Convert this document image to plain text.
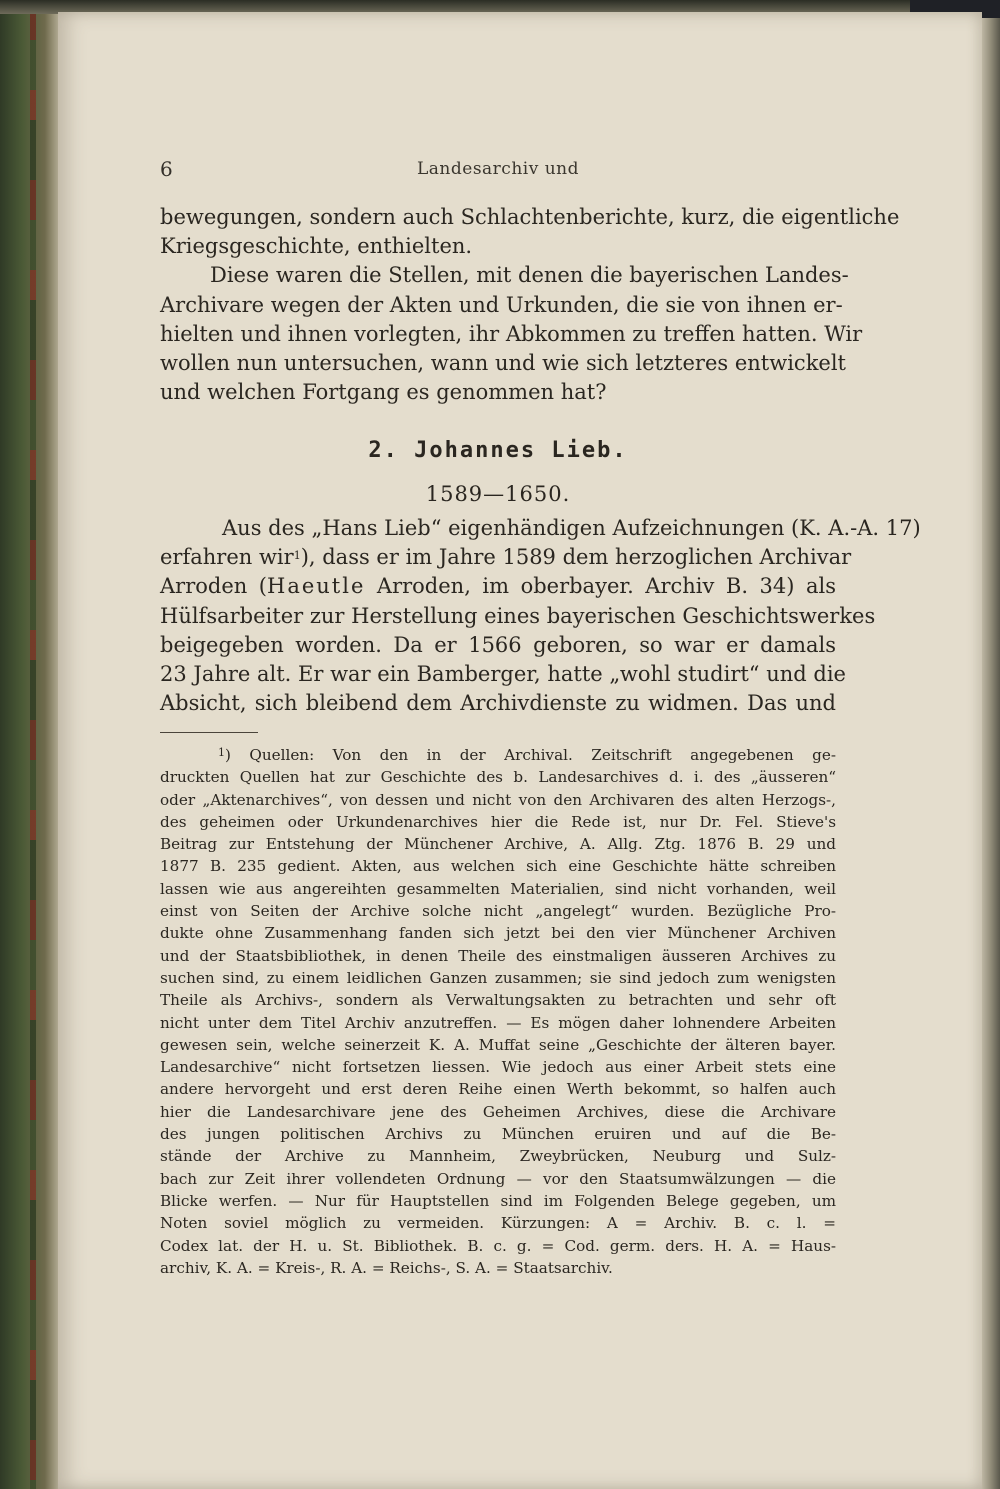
6	Landesarchiv und
bewegungen, sondern auch Schlachtenberichte, kurz, die eigentliche
Kriegsgeschichte, enthielten.
Diese waren die Stellen, mit denen die bayerischen Landes-
Archivare wegen der Akten und Urkunden, die sie von ihnen er-
hielten und ihnen vorlegten, ihr Abkommen zu treffen hatten. Wir
wollen nun untersuchen, wann und wie sich letzteres entwickelt
und welchen Fortgang es genommen hat?
2. Johannes Lieb.
1589—1650.
Aus des „Hans Lieb“ eigenhändigen Aufzeichnungen (K. A.-A. 17)
erfahren wir$^1$), dass er im Jahre 1589 dem herzoglichen Archivar
Arroden (Haeutle Arroden, im oberbayer. Archiv B. 34) als
Hülfsarbeiter zur Herstellung eines bayerischen Geschichtswerkes
beigegeben worden. Da er 1566 geboren, so war er damals
23 Jahre alt. Er war ein Bamberger, hatte „wohl studirt“ und die
Absicht, sich bleibend dem Archivdienste zu widmen. Das und
$^1$) Quellen: Von den in der Archival. Zeitschrift angegebenen ge-
druckten Quellen hat zur Geschichte des b. Landesarchives d. i. des „äusseren“
oder „Aktenarchives“, von dessen und nicht von den Archivaren des alten Herzogs-,
des geheimen oder Urkundenarchives hier die Rede ist, nur Dr. Fel. Stieve's
Beitrag zur Entstehung der Münchener Archive, A. Allg. Ztg. 1876 B. 29 und
1877 B. 235 gedient. Akten, aus welchen sich eine Geschichte hätte schreiben
lassen wie aus angereihten gesammelten Materialien, sind nicht vorhanden, weil
einst von Seiten der Archive solche nicht „angelegt“ wurden. Bezügliche Pro-
dukte ohne Zusammenhang fanden sich jetzt bei den vier Münchener Archiven
und der Staatsbibliothek, in denen Theile des einstmaligen äusseren Archives zu
suchen sind, zu einem leidlichen Ganzen zusammen; sie sind jedoch zum wenigsten
Theile als Archivs-, sondern als Verwaltungsakten zu betrachten und sehr oft
nicht unter dem Titel Archiv anzutreffen. — Es mögen daher lohnendere Arbeiten
gewesen sein, welche seinerzeit K. A. Muffat seine „Geschichte der älteren bayer.
Landesarchive“ nicht fortsetzen liessen. Wie jedoch aus einer Arbeit stets eine
andere hervorgeht und erst deren Reihe einen Werth bekommt, so halfen auch
hier die Landesarchivare jene des Geheimen Archives, diese die Archivare
des jungen politischen Archivs zu München eruiren und auf die Be-
stände der Archive zu Mannheim, Zweybrücken, Neuburg und Sulz-
bach zur Zeit ihrer vollendeten Ordnung — vor den Staatsumwälzungen — die
Blicke werfen. — Nur für Hauptstellen sind im Folgenden Belege gegeben, um
Noten soviel möglich zu vermeiden. Kürzungen: A = Archiv. B. c. l. =
Codex lat. der H. u. St. Bibliothek. B. c. g. = Cod. germ. ders. H. A. = Haus-
archiv, K. A. = Kreis-, R. A. = Reichs-, S. A. = Staatsarchiv.
